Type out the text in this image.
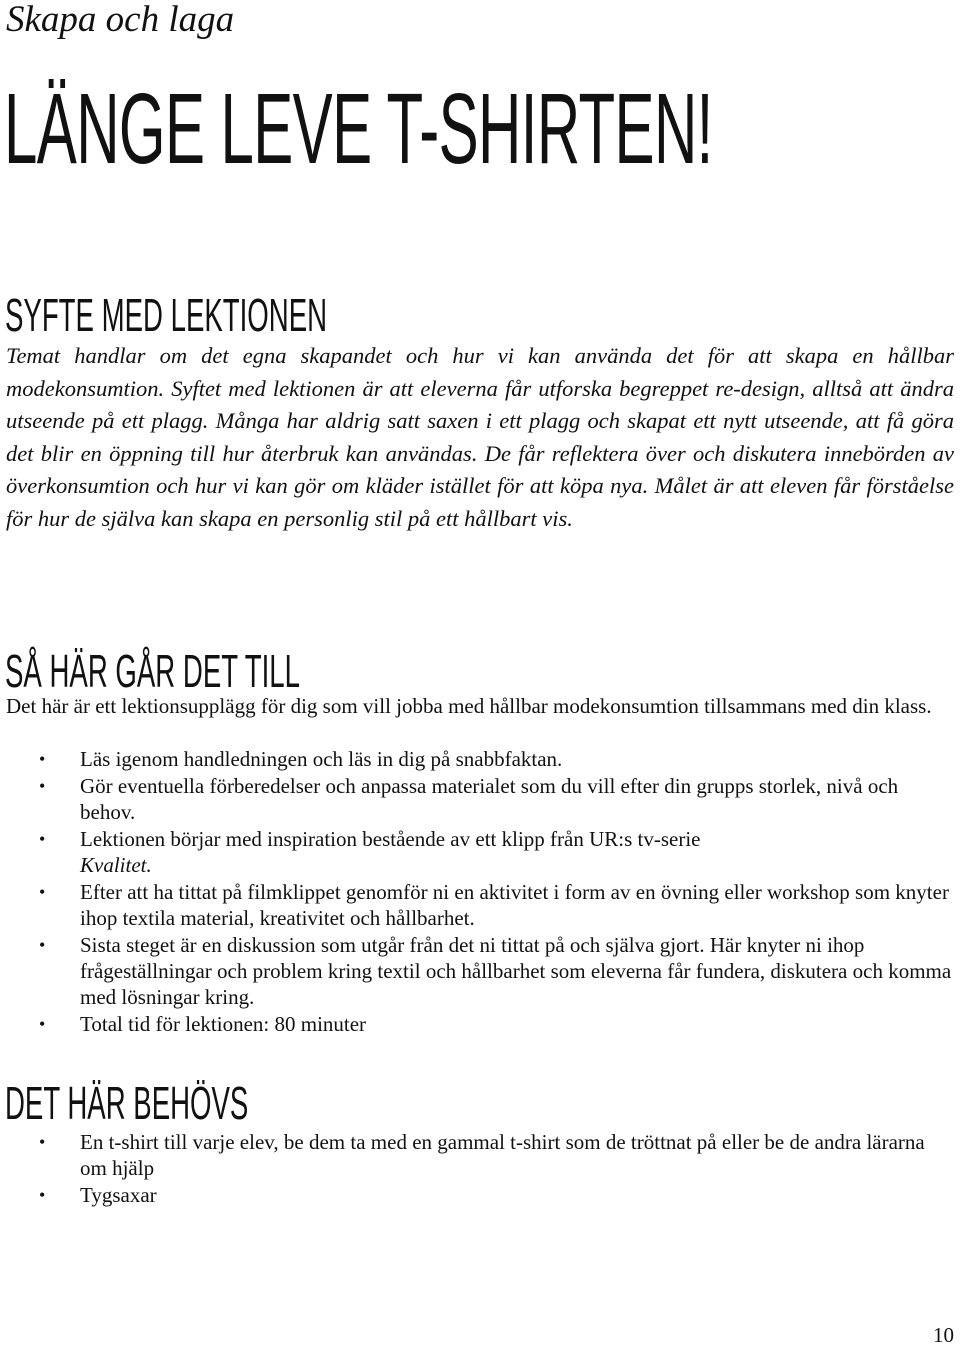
Skapa och laga

LÄNGE LEVE T-SHIRTEN!
SYFTE MED LEKTIONEN

Temat handlar om det egna skapandet och hur vi kan använda det för att skapa en hållbar modekonsumtion. Syftet med lektionen är att eleverna får utforska begreppet re-design, alltså att ändra utseende på ett plagg. Många har aldrig satt saxen i ett plagg och skapat ett nytt utseende, att få göra det blir en öppning till hur återbruk kan användas. De får reflektera över och diskutera innebörden av överkonsumtion och hur vi kan gör om kläder istället för att köpa nya. Målet är att eleven får förståelse för hur de själva kan skapa en personlig stil på ett hållbart vis.

SÅ HÄR GÅR DET TILL

Det här är ett lektionsupplägg för dig som vill jobba med hållbar modekonsumtion tillsammans med din klass.

• Läs igenom handledningen och läs in dig på snabbfaktan.
• Gör eventuella förberedelser och anpassa materialet som du vill efter din grupps storlek, nivå och behov.
• Lektionen börjar med inspiration bestående av ett klipp från UR:s tv-serie
Kvalitet.
• Efter att ha tittat på filmklippet genomför ni en aktivitet i form av en övning eller workshop som knyter ihop textila material, kreativitet och hållbarhet.
• Sista steget är en diskussion som utgår från det ni tittat på och själva gjort. Här knyter ni ihop frågeställningar och problem kring textil och hållbarhet som eleverna får fundera, diskutera och komma med lösningar kring.
• Total tid för lektionen: 80 minuter
DET HÄR BEHÖVS
• En t-shirt till varje elev, be dem ta med en gammal t-shirt som de tröttnat på eller be de andra lärarna om hjälp
• Tygsaxar

10
